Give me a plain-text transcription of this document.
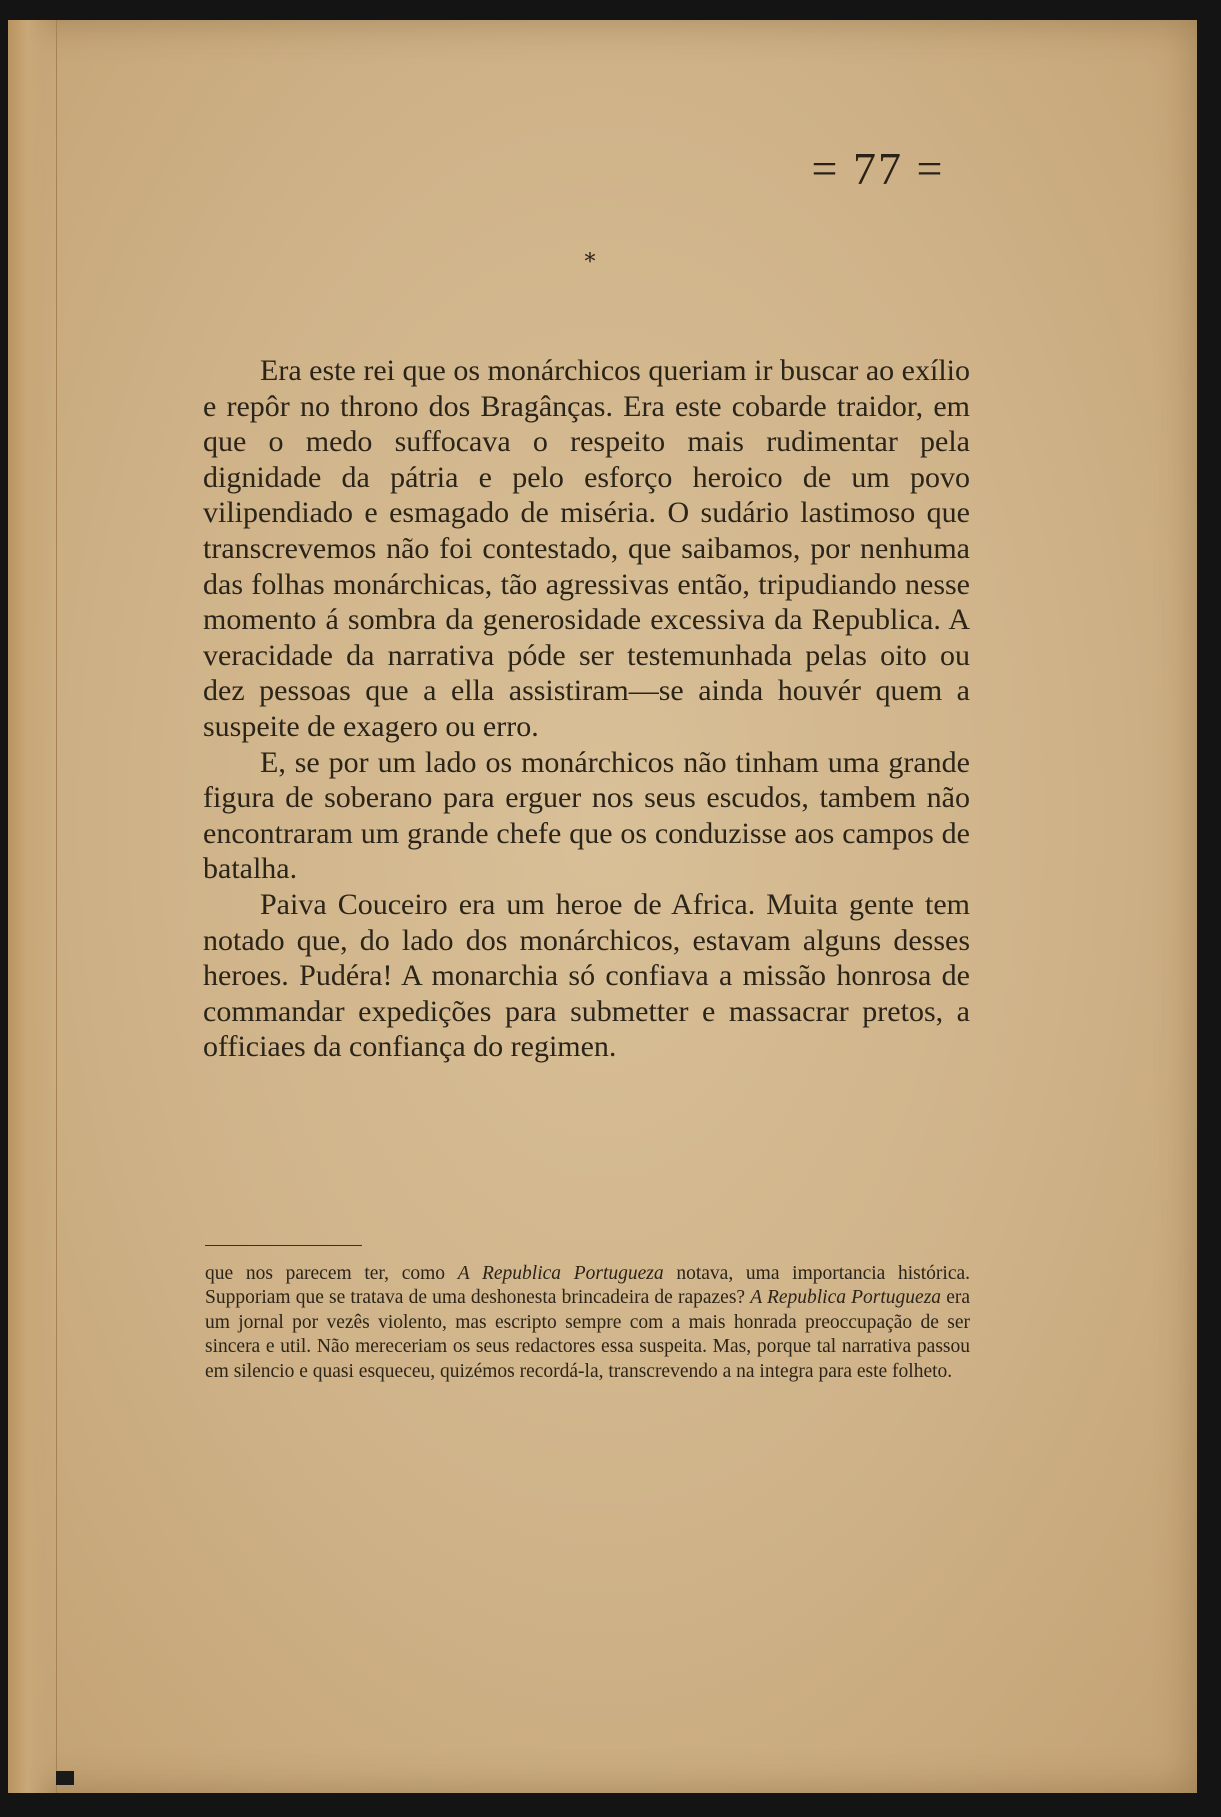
= 77 =
*

Era este rei que os monárchicos queriam ir buscar ao exílio e repôr no throno dos Bragânças. Era este cobarde traidor, em que o medo suffocava o respeito mais rudimentar pela dignidade da pátria e pelo esforço heroico de um povo vilipendiado e esmagado de miséria. O sudário lastimoso que transcrevemos não foi contestado, que saibamos, por nenhuma das folhas monárchicas, tão agressivas então, tripudiando nesse momento á sombra da generosidade excessiva da Republica. A veracidade da narrativa póde ser testemunhada pelas oito ou dez pessoas que a ella assistiram—se ainda houvér quem a suspeite de exagero ou erro.

E, se por um lado os monárchicos não tinham uma grande figura de soberano para erguer nos seus escudos, tambem não encontraram um grande chefe que os conduzisse aos campos de batalha.

Paiva Couceiro era um heroe de Africa. Muita gente tem notado que, do lado dos monárchicos, estavam alguns desses heroes. Pudéra! A monarchia só confiava a missão honrosa de commandar expedições para submetter e massacrar pretos, a officiaes da confiança do regimen.

que nos parecem ter, como A Republica Portugueza notava, uma importancia histórica. Supporiam que se tratava de uma deshonesta brincadeira de rapazes? A Republica Portugueza era um jornal por vezês violento, mas escripto sempre com a mais honrada preoccupação de ser sincera e util. Não mereceriam os seus redactores essa suspeita. Mas, porque tal narrativa passou em silencio e quasi esqueceu, quizémos recordá-la, transcrevendo a na integra para este folheto.
